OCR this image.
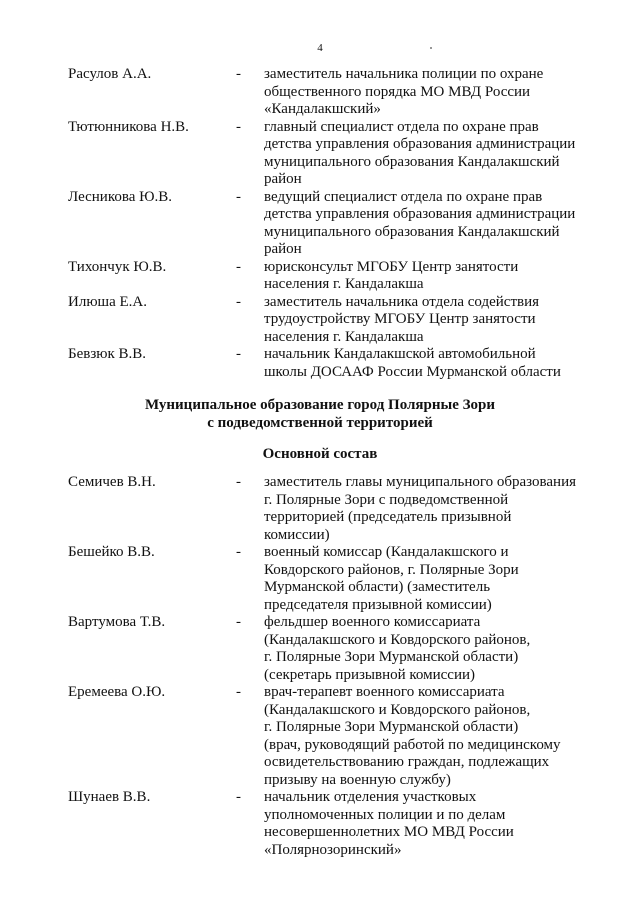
4
Расулов А.А.	-	заместитель начальника полиции по охране
общественного порядка МО МВД России
«Кандалакшский»
Тютюнникова Н.В.	-	главный специалист отдела по охране прав
детства управления образования администрации
муниципального образования Кандалакшский
район
Лесникова Ю.В.	-	ведущий специалист отдела по охране прав
детства управления образования администрации
муниципального образования Кандалакшский
район
Тихончук Ю.В.	-	юрисконсульт МГОБУ Центр занятости
населения г. Кандалакша
Илюша Е.А.	-	заместитель начальника отдела содействия
трудоустройству МГОБУ Центр занятости
населения г. Кандалакша
Бевзюк В.В.	-	начальник Кандалакшской автомобильной
школы ДОСААФ России Мурманской области
Муниципальное образование город Полярные Зори
с подведомственной территорией
Основной состав
Семичев В.Н.	-	заместитель главы муниципального образования
г. Полярные Зори с подведомственной
территорией (председатель призывной
комиссии)
Бешейко В.В.	-	военный комиссар (Кандалакшского и
Ковдорского районов, г. Полярные Зори
Мурманской области) (заместитель
председателя призывной комиссии)
Вартумова Т.В.	-	фельдшер военного комиссариата
(Кандалакшского и Ковдорского районов,
г. Полярные Зори Мурманской области)
(секретарь призывной комиссии)
Еремеева О.Ю.	-	врач-терапевт военного комиссариата
(Кандалакшского и Ковдорского районов,
г. Полярные Зори Мурманской области)
(врач, руководящий работой по медицинскому
освидетельствованию граждан, подлежащих
призыву на военную службу)
Шунаев В.В.	-	начальник отделения участковых
уполномоченных полиции и по делам
несовершеннолетних МО МВД России
«Полярнозоринский»
